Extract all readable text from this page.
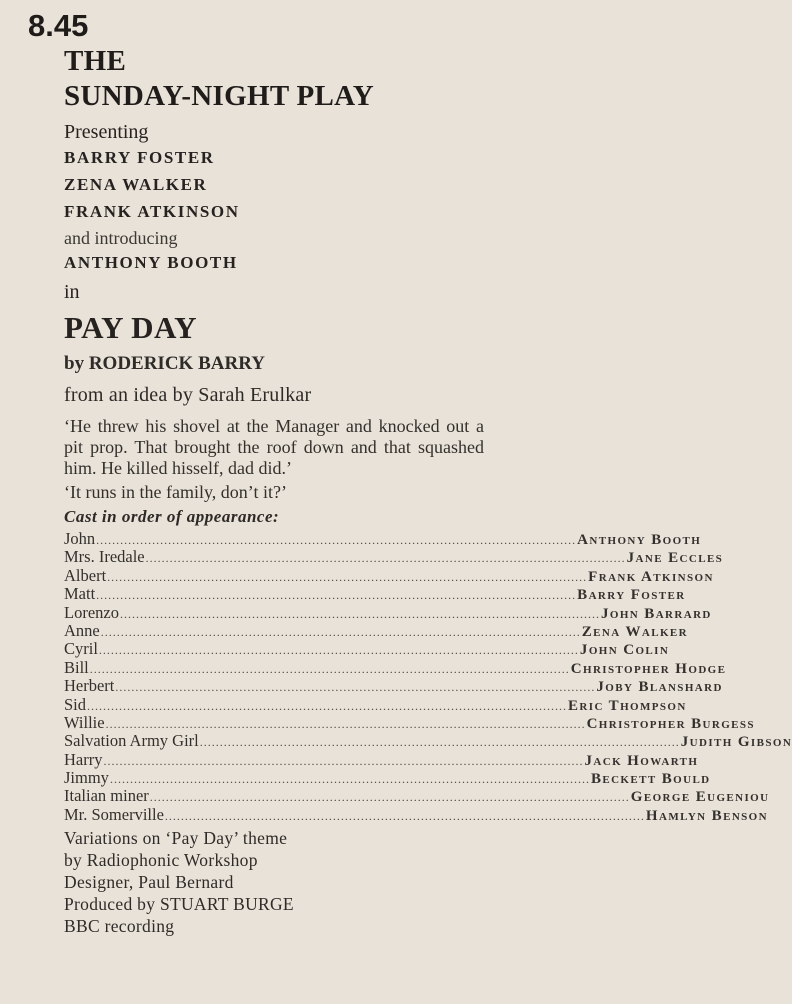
8.45
THE
SUNDAY-NIGHT PLAY
Presenting
BARRY FOSTER
ZENA WALKER
FRANK ATKINSON
and introducing
ANTHONY BOOTH
in
PAY DAY
by RODERICK BARRY
from an idea by Sarah Erulkar
‘He threw his shovel at the Manager and knocked out a pit prop. That brought the roof down and that squashed him. He killed hisself, dad did.’
‘It runs in the family, don’t it?’
Cast in order of appearance:
John ........................................................................................................................ Anthony Booth
Mrs. Iredale ........................................................................................................................ Jane Eccles
Albert ........................................................................................................................ Frank Atkinson
Matt ........................................................................................................................ Barry Foster
Lorenzo ........................................................................................................................ John Barrard
Anne ........................................................................................................................ Zena Walker
Cyril ........................................................................................................................ John Colin
Bill ........................................................................................................................ Christopher Hodge
Herbert ........................................................................................................................ Joby Blanshard
Sid ........................................................................................................................ Eric Thompson
Willie ........................................................................................................................ Christopher Burgess
Salvation Army Girl ........................................................................................................................ Judith Gibson
Harry ........................................................................................................................ Jack Howarth
Jimmy ........................................................................................................................ Beckett Bould
Italian miner ........................................................................................................................ George Eugeniou
Mr. Somerville ........................................................................................................................ Hamlyn Benson
Variations on ‘Pay Day’ theme
by Radiophonic Workshop
Designer, Paul Bernard
Produced by STUART BURGE
BBC recording
